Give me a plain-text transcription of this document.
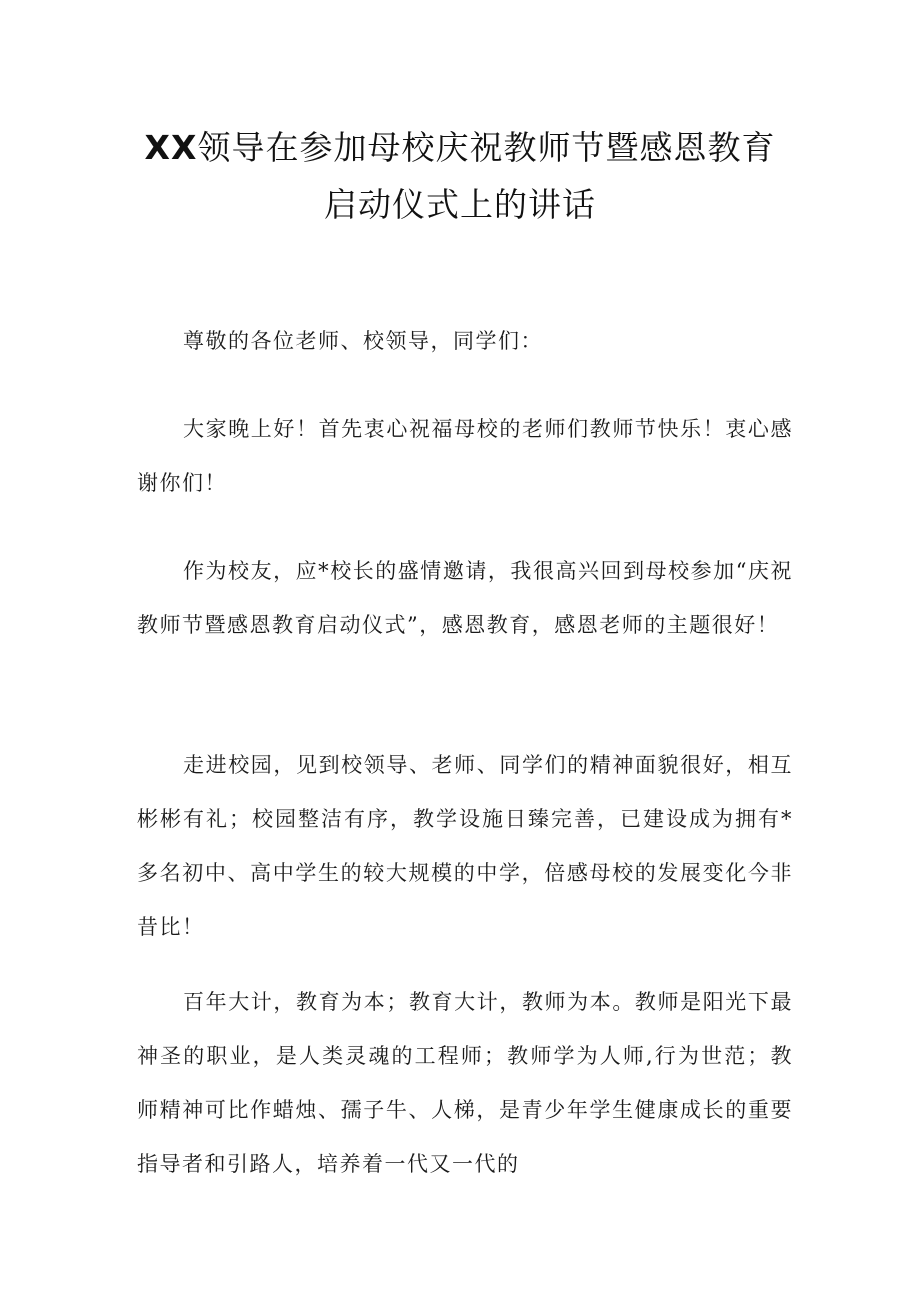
XX领导在参加母校庆祝教师节暨感恩教育
启动仪式上的讲话

尊敬的各位老师、校领导，同学们：

大家晚上好！首先衷心祝福母校的老师们教师节快乐！衷心感谢你们！

作为校友，应*校长的盛情邀请，我很高兴回到母校参加“庆祝教师节暨感恩教育启动仪式”，感恩教育，感恩老师的主题很好！

走进校园，见到校领导、老师、同学们的精神面貌很好，相互彬彬有礼；校园整洁有序，教学设施日臻完善，已建设成为拥有*多名初中、高中学生的较大规模的中学，倍感母校的发展变化今非昔比！

百年大计，教育为本；教育大计，教师为本。教师是阳光下最神圣的职业，是人类灵魂的工程师；教师学为人师,行为世范；教师精神可比作蜡烛、孺子牛、人梯，是青少年学生健康成长的重要指导者和引路人，培养着一代又一代的
